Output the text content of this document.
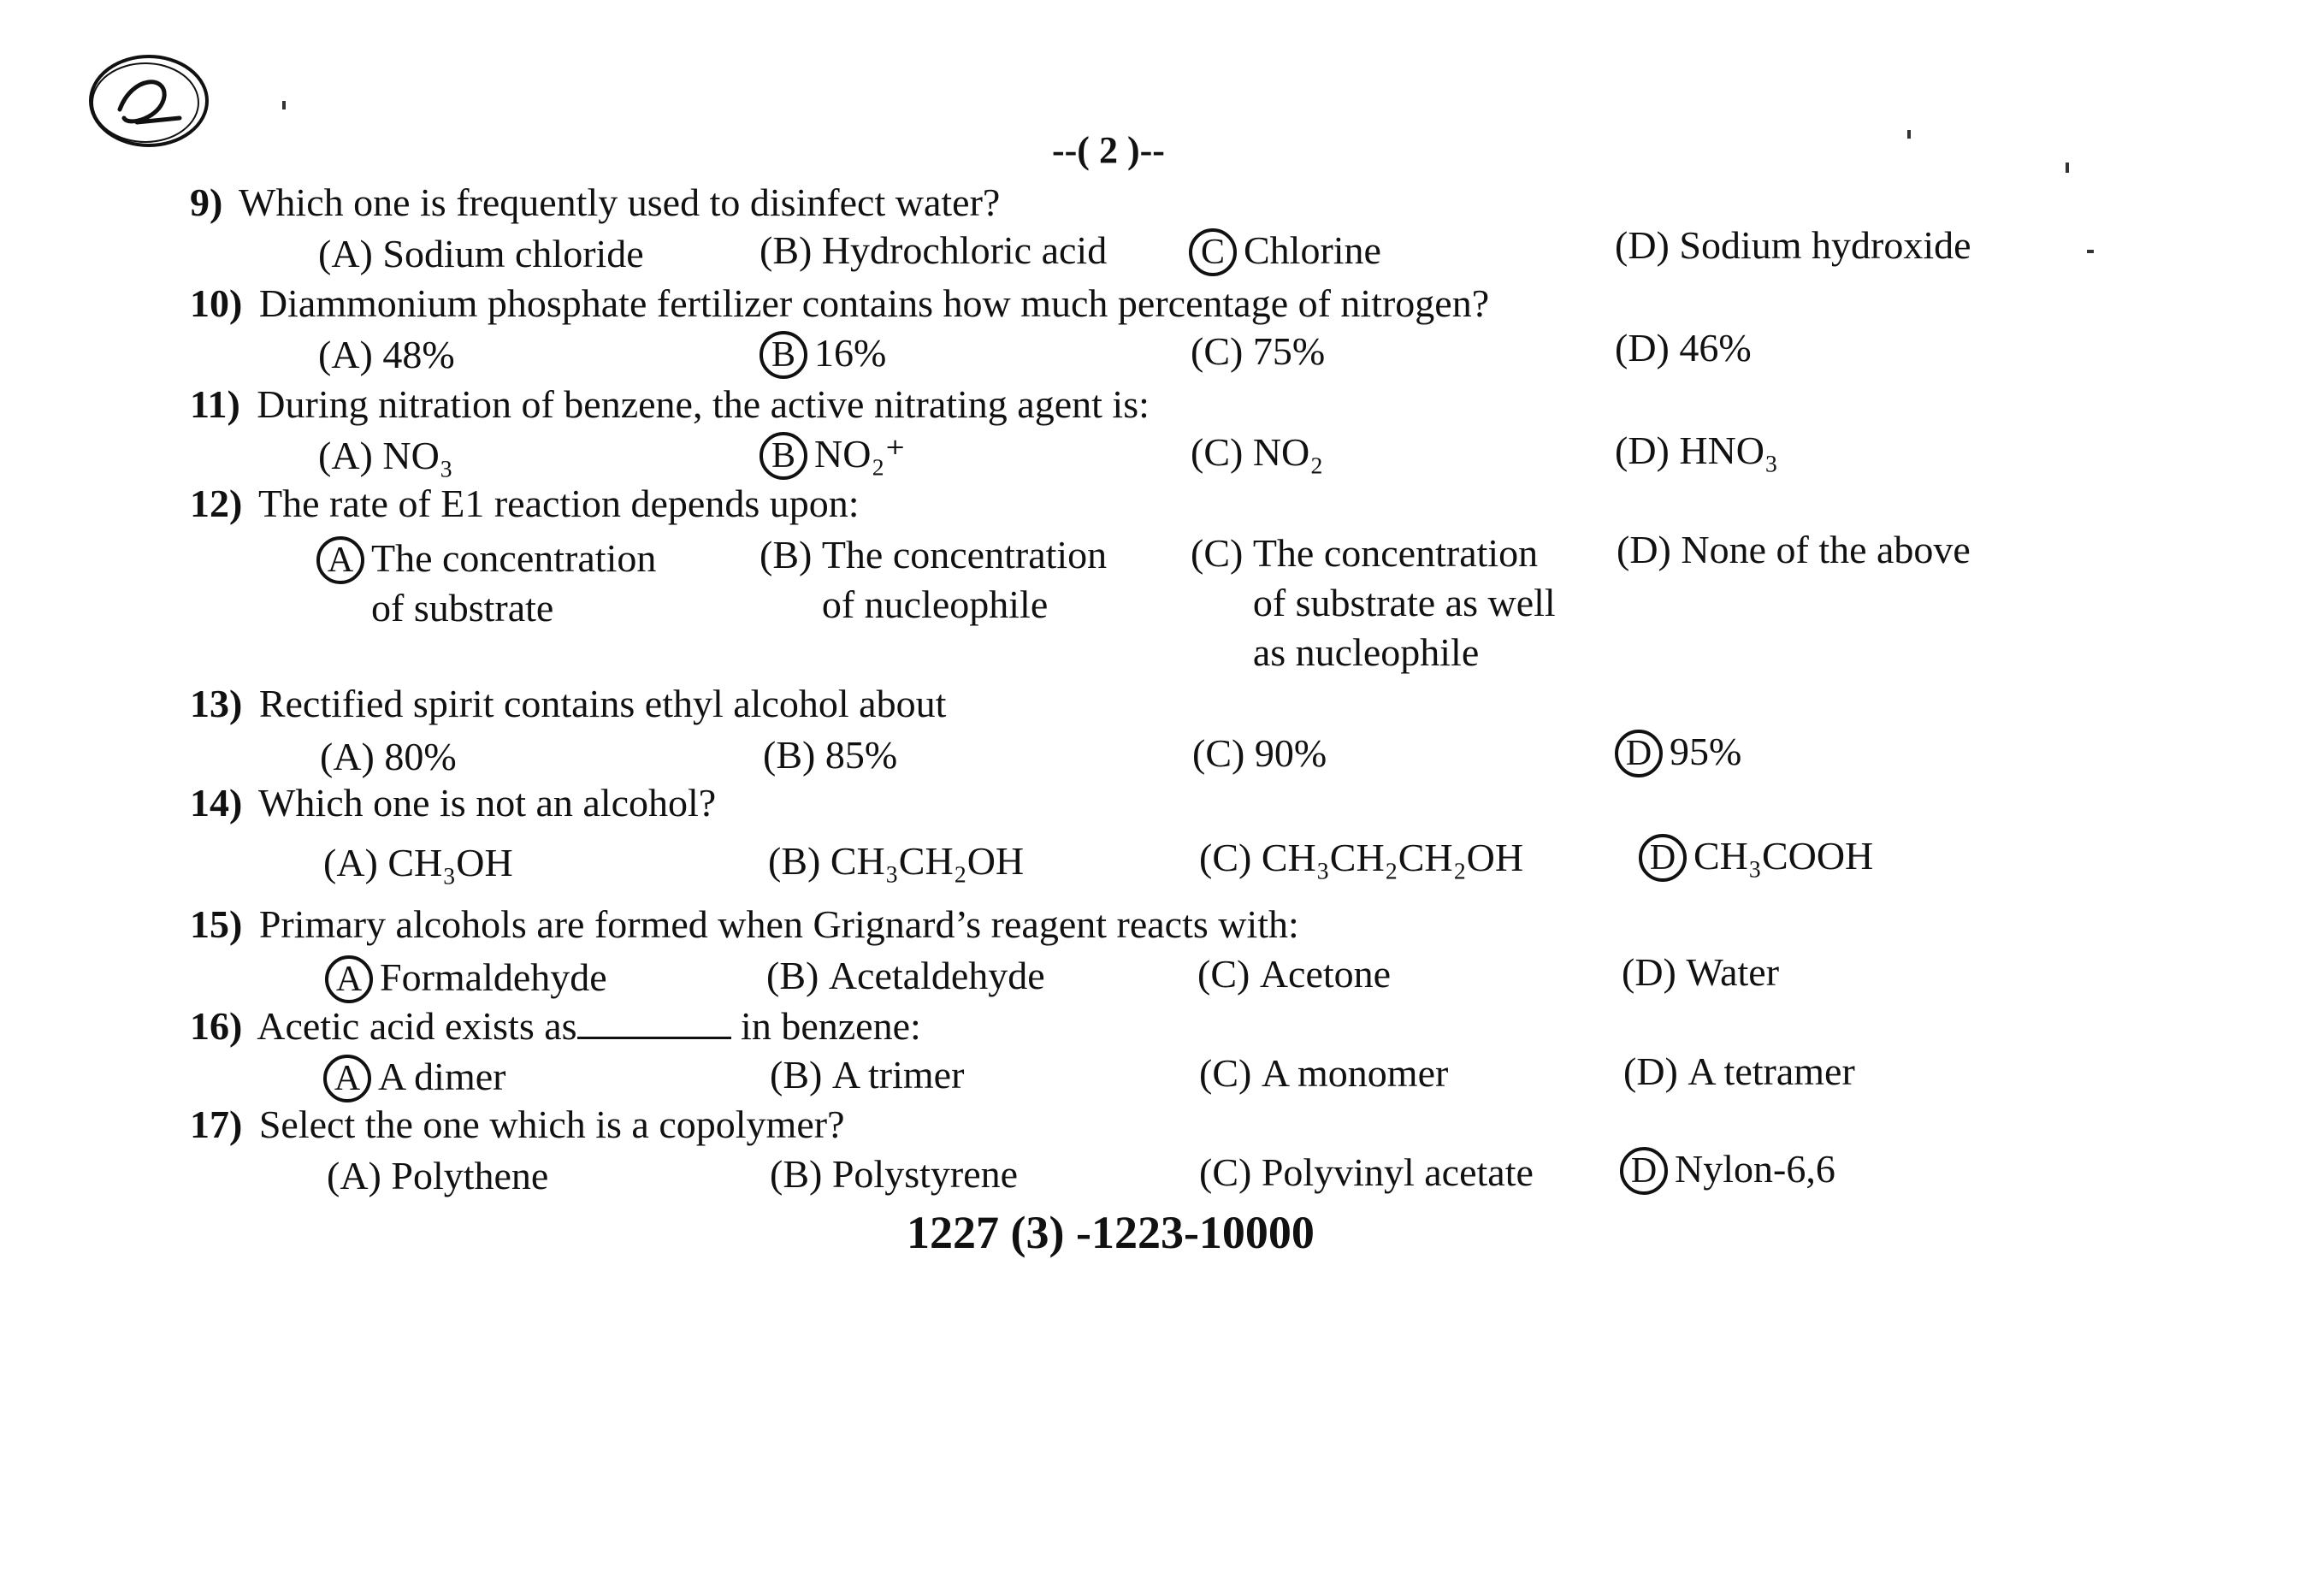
--( 2 )--
9) Which one is frequently used to disinfect water?
(A) Sodium chloride	(B) Hydrochloric acid	C Chlorine	(D) Sodium hydroxide
10) Diammonium phosphate fertilizer contains how much percentage of nitrogen?
(A) 48%	B 16%	(C) 75%	(D) 46%
11) During nitration of benzene, the active nitrating agent is:
(A) NO₃	B NO₂⁺	(C) NO₂	(D) HNO₃
12) The rate of E1 reaction depends upon:
A The concentration
of substrate
(B) The concentration
of nucleophile
(C) The concentration
of substrate as well
as nucleophile
(D) None of the above
13) Rectified spirit contains ethyl alcohol about
(A) 80%	(B) 85%	(C) 90%	D 95%
14) Which one is not an alcohol?
(A) CH₃OH	(B) CH₃CH₂OH	(C) CH₃CH₂CH₂OH	D CH₃COOH
15) Primary alcohols are formed when Grignard’s reagent reacts with:
A Formaldehyde	(B) Acetaldehyde	(C) Acetone	(D) Water
16) Acetic acid exists as	in benzene:
A A dimer	(B) A trimer	(C) A monomer	(D) A tetramer
17) Select the one which is a copolymer?
(A) Polythene	(B) Polystyrene	(C) Polyvinyl acetate	D Nylon-6,6
1227 (3) -1223-10000
